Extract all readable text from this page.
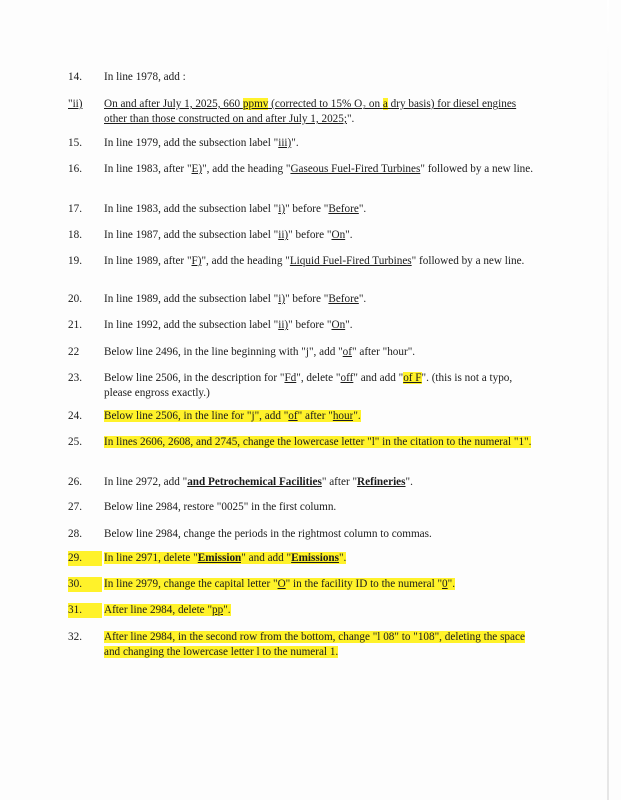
14.	In line 1978, add :
"ii)	On and after July 1, 2025, 660 ppmv (corrected to 15% O₂ on a dry basis) for diesel engines other than those constructed on and after July 1, 2025;".
15.	In line 1979, add the subsection label "iii)".
16.	In line 1983, after "E)", add the heading "Gaseous Fuel-Fired Turbines" followed by a new line.
17.	In line 1983, add the subsection label "i)" before "Before".
18.	In line 1987, add the subsection label "ii)" before "On".
19.	In line 1989, after "F)", add the heading "Liquid Fuel-Fired Turbines" followed by a new line.
20.	In line 1989, add the subsection label "i)" before "Before".
21.	In line 1992, add the subsection label "ii)" before "On".
22	Below line 2496, in the line beginning with "j", add "of" after "hour".
23.	Below line 2506, in the description for "Fd", delete "off" and add "of F". (this is not a typo, please engross exactly.)
24.	Below line 2506, in the line for "j", add "of" after "hour".
25.	In lines 2606, 2608, and 2745, change the lowercase letter "l" in the citation to the numeral "1".
26.	In line 2972, add "and Petrochemical Facilities" after "Refineries".
27.	Below line 2984, restore "0025" in the first column.
28.	Below line 2984, change the periods in the rightmost column to commas.
29.	In line 2971, delete "Emission" and add "Emissions".
30.	In line 2979, change the capital letter "O" in the facility ID to the numeral "0".
31.	After line 2984, delete "pp".
32.	After line 2984, in the second row from the bottom, change "l 08" to "108", deleting the space and changing the lowercase letter l to the numeral 1.
